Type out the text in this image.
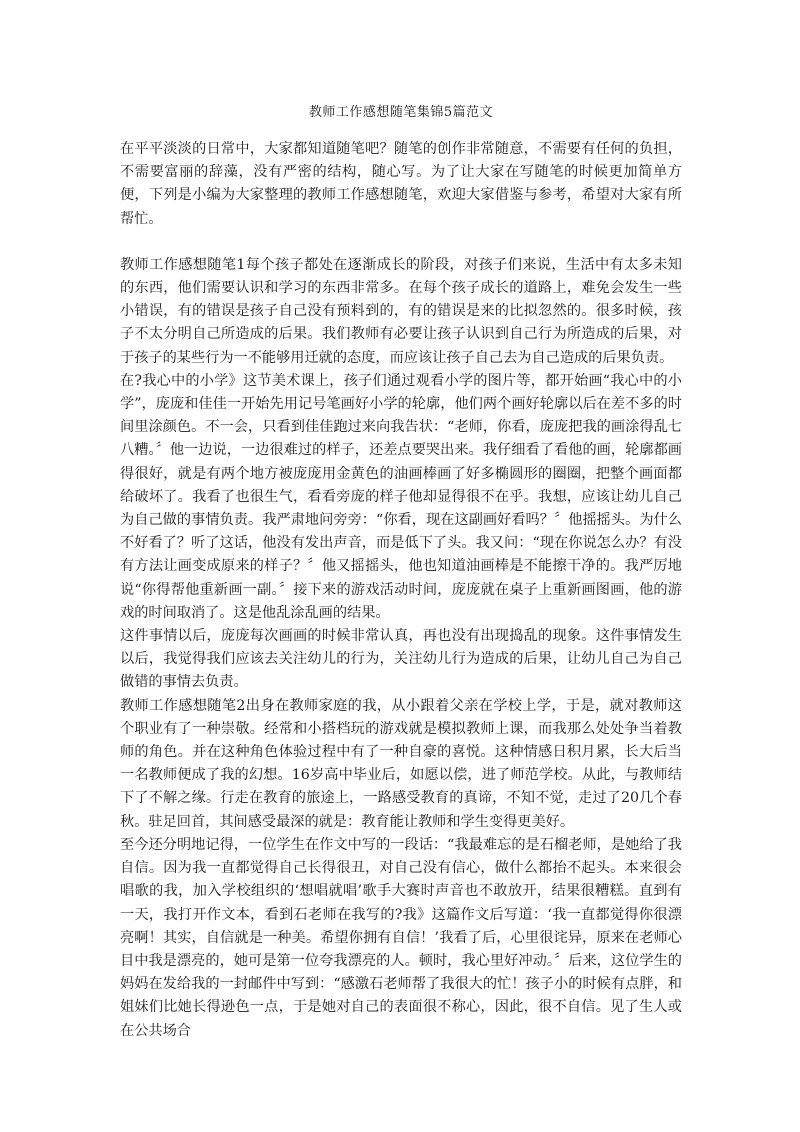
教师工作感想随笔集锦5篇范文

在平平淡淡的日常中，大家都知道随笔吧？随笔的创作非常随意，不需要有任何的负担，不需要富丽的辞藻，没有严密的结构，随心写。为了让大家在写随笔的时候更加简单方便，下列是小编为大家整理的教师工作感想随笔，欢迎大家借鉴与参考，希望对大家有所帮忙。

教师工作感想随笔1每个孩子都处在逐渐成长的阶段，对孩子们来说，生活中有太多未知的东西，他们需要认识和学习的东西非常多。在每个孩子成长的道路上，难免会发生一些小错误，有的错误是孩子自己没有预料到的，有的错误是来的比拟忽然的。很多时候，孩子不太分明自己所造成的后果。我们教师有必要让孩子认识到自己行为所造成的后果，对于孩子的某些行为一不能够用迁就的态度，而应该让孩子自己去为自己造成的后果负责。

在?我心中的小学》这节美术课上，孩子们通过观看小学的图片等，都开始画“我心中的小学”，庞庞和佳佳一开始先用记号笔画好小学的轮廓，他们两个画好轮廓以后在差不多的时间里涂颜色。不一会，只看到佳佳跑过来向我告状：“老师，你看，庞庞把我的画涂得乱七八糟。〞他一边说，一边很难过的样子，还差点要哭出来。我仔细看了看他的画，轮廓都画得很好，就是有两个地方被庞庞用金黄色的油画棒画了好多椭圆形的圈圈，把整个画面都给破坏了。我看了也很生气，看看旁庞的样子他却显得很不在乎。我想，应该让幼儿自己为自己做的事情负责。我严肃地问旁旁：“你看，现在这副画好看吗？〞他摇摇头。为什么不好看了？听了这话，他没有发出声音，而是低下了头。我又问：“现在你说怎么办？有没有方法让画变成原来的样子？〞他又摇摇头，他也知道油画棒是不能擦干净的。我严厉地说“你得帮他重新画一副。〞接下来的游戏活动时间，庞庞就在桌子上重新画图画，他的游戏的时间取消了。这是他乱涂乱画的结果。

这件事情以后，庞庞每次画画的时候非常认真，再也没有出现捣乱的现象。这件事情发生以后，我觉得我们应该去关注幼儿的行为，关注幼儿行为造成的后果，让幼儿自己为自己做错的事情去负责。

教师工作感想随笔2出身在教师家庭的我，从小跟着父亲在学校上学，于是，就对教师这个职业有了一种崇敬。经常和小搭档玩的游戏就是模拟教师上课，而我那么处处争当着教师的角色。并在这种角色体验过程中有了一种自豪的喜悦。这种情感日积月累，长大后当一名教师便成了我的幻想。16岁高中毕业后，如愿以偿，进了师范学校。从此，与教师结下了不解之缘。行走在教育的旅途上，一路感受教育的真谛，不知不觉，走过了20几个春秋。驻足回首，其间感受最深的就是：教育能让教师和学生变得更美好。

至今还分明地记得，一位学生在作文中写的一段话：“我最难忘的是石榴老师，是她给了我自信。因为我一直都觉得自己长得很丑，对自己没有信心，做什么都抬不起头。本来很会唱歌的我，加入学校组织的‘想唱就唱’歌手大赛时声音也不敢放开，结果很糟糕。直到有一天，我打开作文本，看到石老师在我写的?我》这篇作文后写道：‘我一直都觉得你很漂亮啊！其实，自信就是一种美。希望你拥有自信！’我看了后，心里很诧异，原来在老师心目中我是漂亮的，她可是第一位夸我漂亮的人。顿时，我心里好冲动。〞后来，这位学生的妈妈在发给我的一封邮件中写到：“感激石老师帮了我很大的忙！孩子小的时候有点胖，和姐妹们比她长得逊色一点，于是她对自己的表面很不称心，因此，很不自信。见了生人或在公共场合
